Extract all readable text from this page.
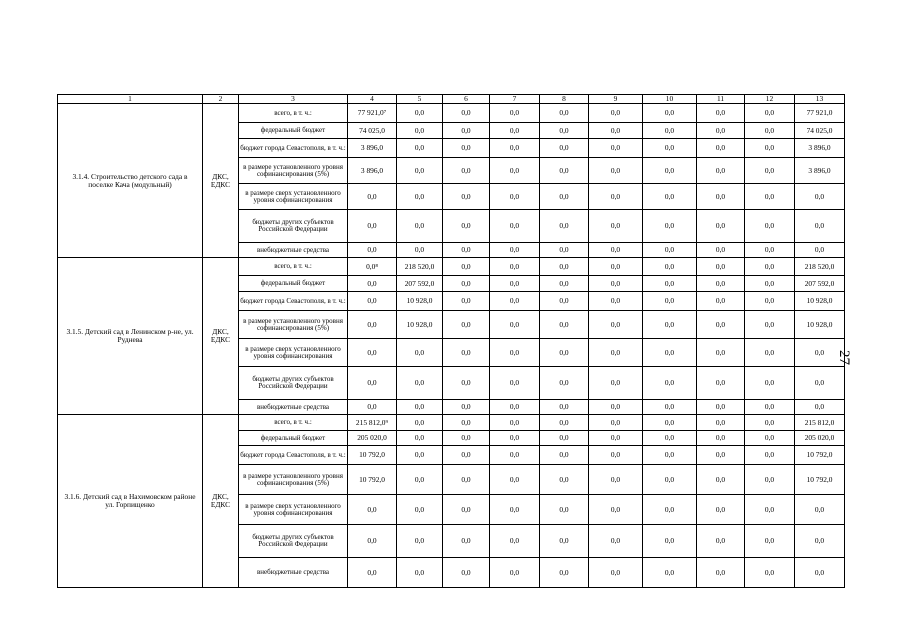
1	2	3	4	5	6	7	8	9	10	11	12	13
3.1.4. Строительство детского сада в поселке Кача (модульный)	ДКС, ЕДКС	всего, в т. ч.:	77 921,0⁷	0,0	0,0	0,0	0,0	0,0	0,0	0,0	0,0	77 921,0
		федеральный бюджет	74 025,0	0,0	0,0	0,0	0,0	0,0	0,0	0,0	0,0	74 025,0
		бюджет города Севастополя, в т. ч.:	3 896,0	0,0	0,0	0,0	0,0	0,0	0,0	0,0	0,0	3 896,0
		в размере установленного уровня софинансирования (5%)	3 896,0	0,0	0,0	0,0	0,0	0,0	0,0	0,0	0,0	3 896,0
		в размере сверх установленного уровня софинансирования	0,0	0,0	0,0	0,0	0,0	0,0	0,0	0,0	0,0	0,0
		бюджеты других субъектов Российской Федерации	0,0	0,0	0,0	0,0	0,0	0,0	0,0	0,0	0,0	0,0
		внебюджетные средства	0,0	0,0	0,0	0,0	0,0	0,0	0,0	0,0	0,0	0,0
3.1.5. Детский сад в Ленинском р-не, ул. Руднева	ДКС, ЕДКС	всего, в т. ч.:	0,0⁸	218 520,0	0,0	0,0	0,0	0,0	0,0	0,0	0,0	218 520,0
		федеральный бюджет	0,0	207 592,0	0,0	0,0	0,0	0,0	0,0	0,0	0,0	207 592,0
		бюджет города Севастополя, в т. ч.:	0,0	10 928,0	0,0	0,0	0,0	0,0	0,0	0,0	0,0	10 928,0
		в размере установленного уровня софинансирования (5%)	0,0	10 928,0	0,0	0,0	0,0	0,0	0,0	0,0	0,0	10 928,0
		в размере сверх установленного уровня софинансирования	0,0	0,0	0,0	0,0	0,0	0,0	0,0	0,0	0,0	0,0
		бюджеты других субъектов Российской Федерации	0,0	0,0	0,0	0,0	0,0	0,0	0,0	0,0	0,0	0,0
		внебюджетные средства	0,0	0,0	0,0	0,0	0,0	0,0	0,0	0,0	0,0	0,0
3.1.6. Детский сад в Нахимовском районе ул. Горпищенко	ДКС, ЕДКС	всего, в т. ч.:	215 812,0⁹	0,0	0,0	0,0	0,0	0,0	0,0	0,0	0,0	215 812,0
		федеральный бюджет	205 020,0	0,0	0,0	0,0	0,0	0,0	0,0	0,0	0,0	205 020,0
		бюджет города Севастополя, в т. ч.:	10 792,0	0,0	0,0	0,0	0,0	0,0	0,0	0,0	0,0	10 792,0
		в размере установленного уровня софинансирования (5%)	10 792,0	0,0	0,0	0,0	0,0	0,0	0,0	0,0	0,0	10 792,0
		в размере сверх установленного уровня софинансирования	0,0	0,0	0,0	0,0	0,0	0,0	0,0	0,0	0,0	0,0
		бюджеты других субъектов Российской Федерации	0,0	0,0	0,0	0,0	0,0	0,0	0,0	0,0	0,0	0,0
		внебюджетные средства	0,0	0,0	0,0	0,0	0,0	0,0	0,0	0,0	0,0	0,0
27
